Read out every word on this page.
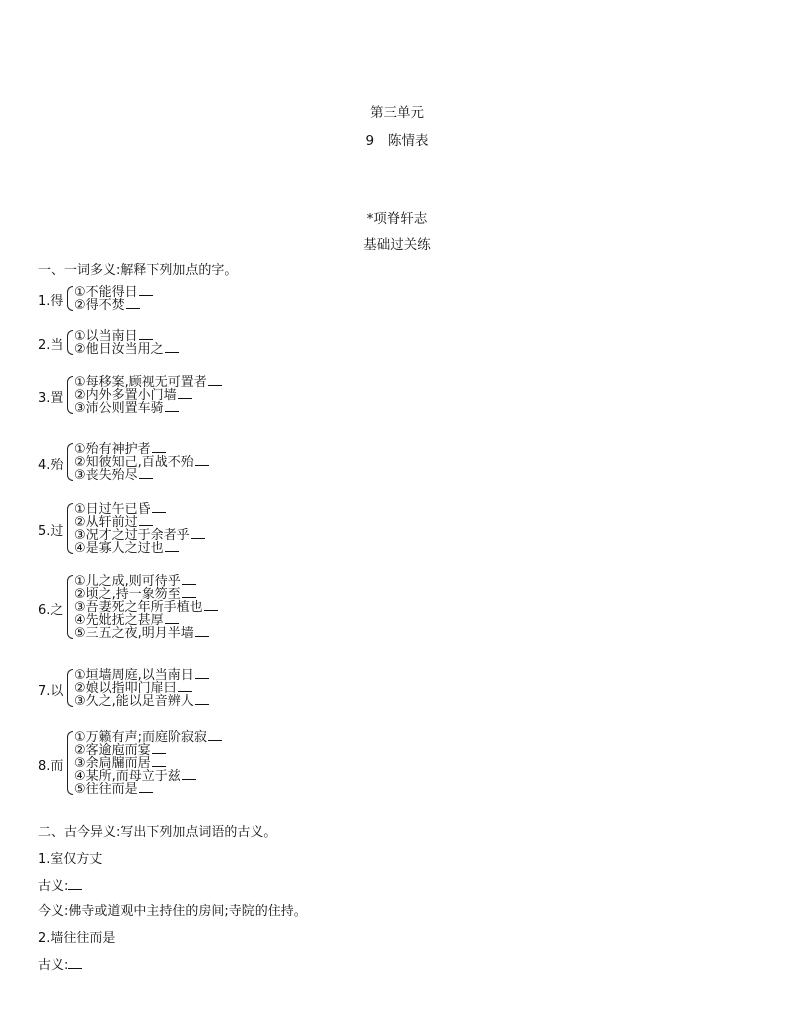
第三单元
9 陈情表
*项脊轩志
基础过关练
一、一词多义:解释下列加点的字。
1.得
①不能得日
②得不焚
2.当
①以当南日
②他日汝当用之
3.置
①每移案,顾视无可置者
②内外多置小门墙
③沛公则置车骑
4.殆
①殆有神护者
②知彼知己,百战不殆
③丧失殆尽
5.过
①日过午已昏
②从轩前过
③况才之过于余者乎
④是寡人之过也
6.之
①儿之成,则可待乎
②顷之,持一象笏至
③吾妻死之年所手植也
④先妣抚之甚厚
⑤三五之夜,明月半墙
7.以
①垣墙周庭,以当南日
②娘以指叩门扉曰
③久之,能以足音辨人
8.而
①万籁有声;而庭阶寂寂
②客逾庖而宴
③余扃牖而居
④某所,而母立于兹
⑤往往而是
二、古今异义:写出下列加点词语的古义。
1.室仅方丈
古义:
今义:佛寺或道观中主持住的房间;寺院的住持。
2.墙往往而是
古义:
